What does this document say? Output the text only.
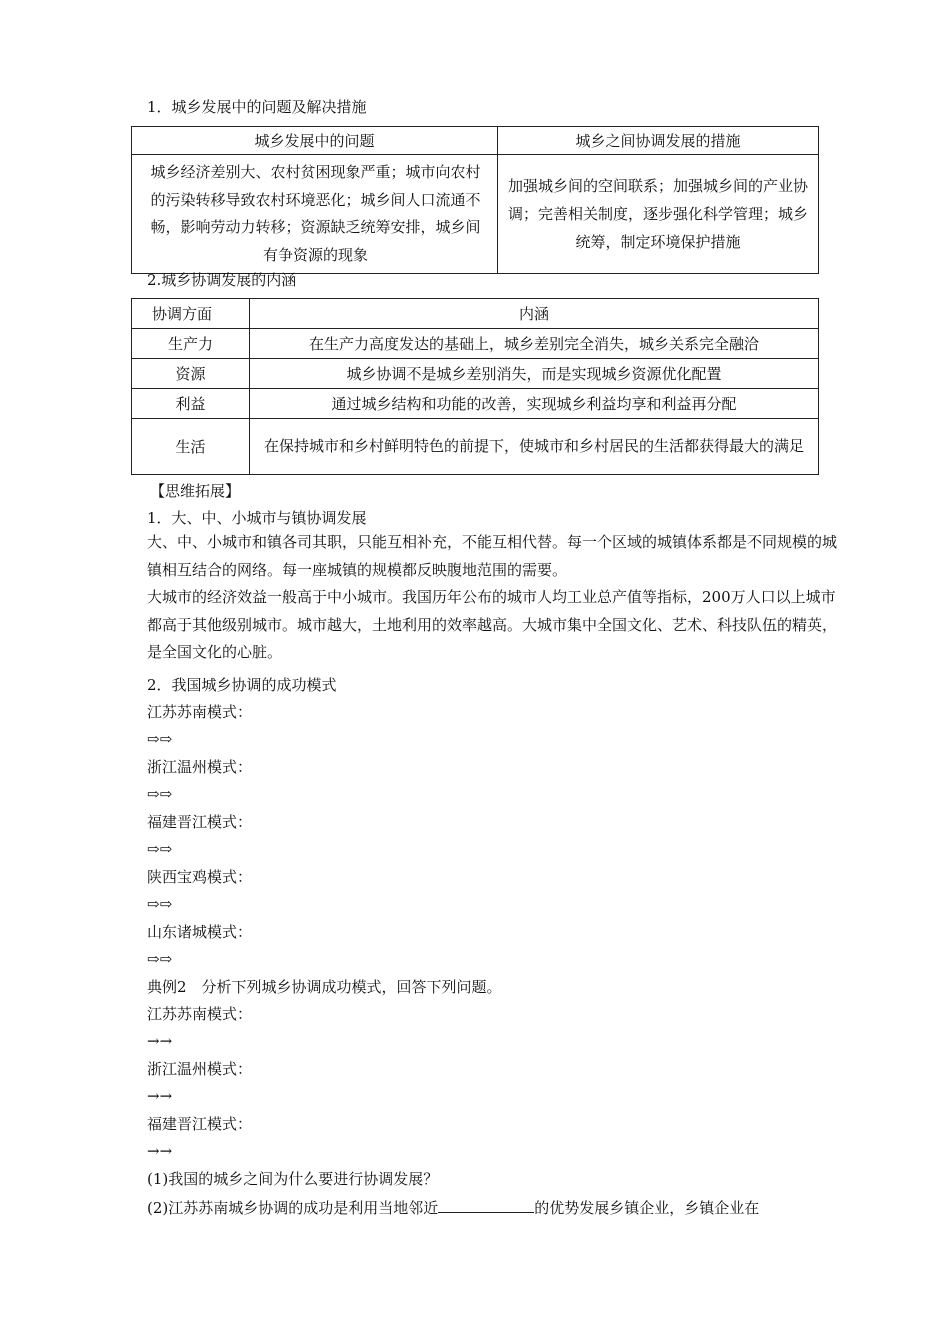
1．城乡发展中的问题及解决措施
城乡发展中的问题	城乡之间协调发展的措施
城乡经济差别大、农村贫困现象严重；城市向农村的污染转移导致农村环境恶化；城乡间人口流通不畅，影响劳动力转移；资源缺乏统筹安排，城乡间有争资源的现象	加强城乡间的空间联系；加强城乡间的产业协调；完善相关制度，逐步强化科学管理；城乡统筹，制定环境保护措施
2.城乡协调发展的内涵
协调方面	内涵
生产力	在生产力高度发达的基础上，城乡差别完全消失，城乡关系完全融洽
资源	城乡协调不是城乡差别消失，而是实现城乡资源优化配置
利益	通过城乡结构和功能的改善，实现城乡利益均享和利益再分配
生活	在保持城市和乡村鲜明特色的前提下，使城市和乡村居民的生活都获得最大的满足
【思维拓展】
1．大、中、小城市与镇协调发展
大、中、小城市和镇各司其职，只能互相补充，不能互相代替。每一个区域的城镇体系都是不同规模的城镇相互结合的网络。每一座城镇的规模都反映腹地范围的需要。
大城市的经济效益一般高于中小城市。我国历年公布的城市人均工业总产值等指标，200万人口以上城市都高于其他级别城市。城市越大，土地利用的效率越高。大城市集中全国文化、艺术、科技队伍的精英，是全国文化的心脏。
2．我国城乡协调的成功模式
江苏苏南模式：
⇨⇨
浙江温州模式：
⇨⇨
福建晋江模式：
⇨⇨
陕西宝鸡模式：
⇨⇨
山东诸城模式：
⇨⇨
典例2　分析下列城乡协调成功模式，回答下列问题。
江苏苏南模式：
→→
浙江温州模式：
→→
福建晋江模式：
→→
(1)我国的城乡之间为什么要进行协调发展？
(2)江苏苏南城乡协调的成功是利用当地邻近	的优势发展乡镇企业，乡镇企业在
